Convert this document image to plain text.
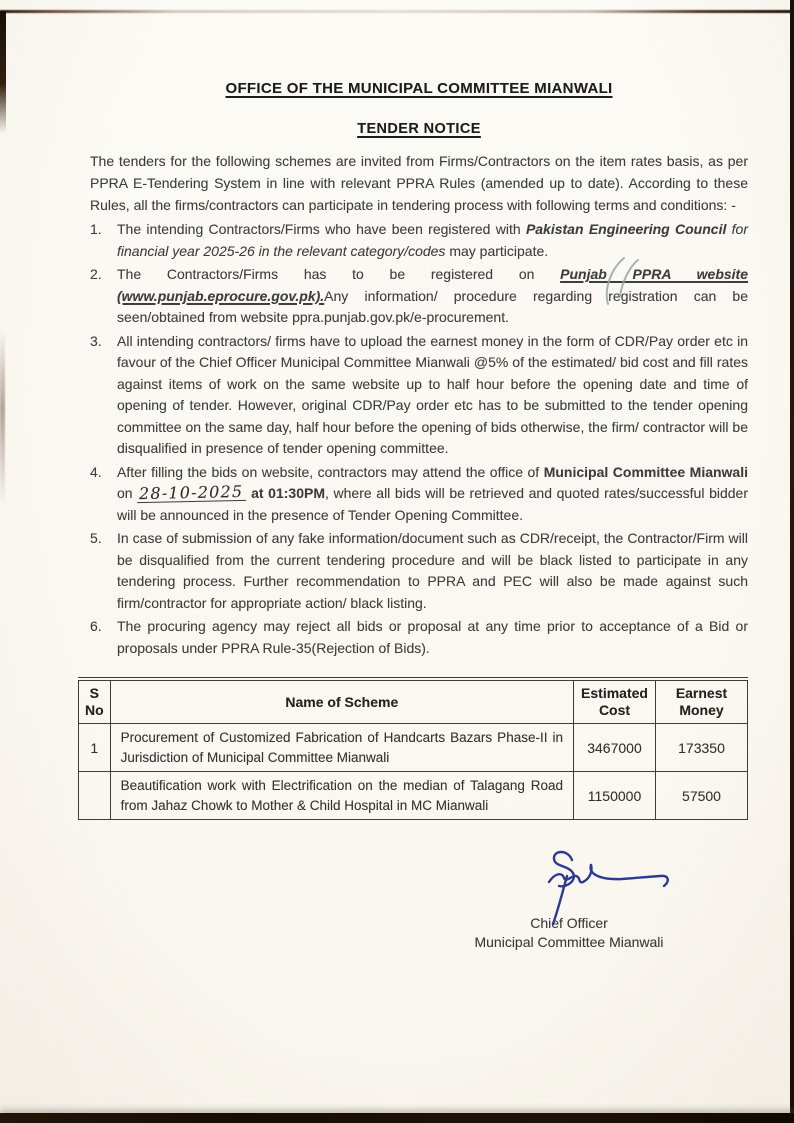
OFFICE OF THE MUNICIPAL COMMITTEE MIANWALI
TENDER NOTICE

The tenders for the following schemes are invited from Firms/Contractors on the item rates basis, as per PPRA E-Tendering System in line with relevant PPRA Rules (amended up to date). According to these Rules, all the firms/contractors can participate in tendering process with following terms and conditions: -

1.	The intending Contractors/Firms who have been registered with Pakistan Engineering Council for financial year 2025-26 in the relevant category/codes may participate.
2.	The Contractors/Firms has to be registered on Punjab PPRA website (www.punjab.eprocure.gov.pk).Any information/ procedure regarding registration can be seen/obtained from website ppra.punjab.gov.pk/e-procurement.
3.	All intending contractors/ firms have to upload the earnest money in the form of CDR/Pay order etc in favour of the Chief Officer Municipal Committee Mianwali @5% of the estimated/ bid cost and fill rates against items of work on the same website up to half hour before the opening date and time of opening of tender. However, original CDR/Pay order etc has to be submitted to the tender opening committee on the same day, half hour before the opening of bids otherwise, the firm/ contractor will be disqualified in presence of tender opening committee.
4.	After filling the bids on website, contractors may attend the office of Municipal Committee Mianwali on 28-10-2025 at 01:30PM, where all bids will be retrieved and quoted rates/successful bidder will be announced in the presence of Tender Opening Committee.
5.	In case of submission of any fake information/document such as CDR/receipt, the Contractor/Firm will be disqualified from the current tendering procedure and will be black listed to participate in any tendering process. Further recommendation to PPRA and PEC will also be made against such firm/contractor for appropriate action/ black listing.
6.	The procuring agency may reject all bids or proposal at any time prior to acceptance of a Bid or proposals under PPRA Rule-35(Rejection of Bids).
S No	Name of Scheme	Estimated Cost	Earnest Money
1	Procurement of Customized Fabrication of Handcarts Bazars Phase-II in Jurisdiction of Municipal Committee Mianwali	3467000	173350
	Beautification work with Electrification on the median of Talagang Road from Jahaz Chowk to Mother & Child Hospital in MC Mianwali	1150000	57500
Chief Officer
Municipal Committee Mianwali
